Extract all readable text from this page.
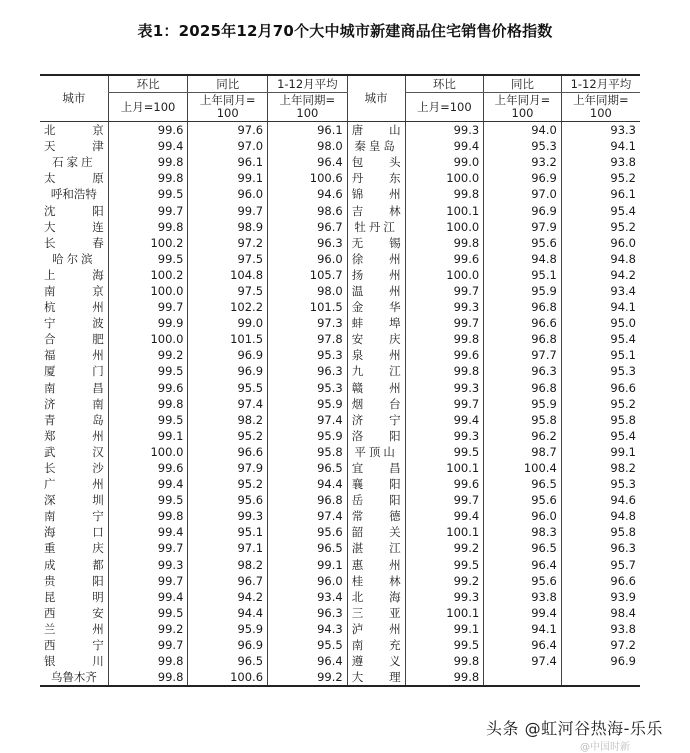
表1：2025年12月70个大中城市新建商品住宅销售价格指数
城市	环比	同比	1-12月平均	城市	环比	同比	1-12月平均
	上月=100	上年同月=100	上年同期=100		上月=100	上年同月=100	上年同期=100
北京	99.6	97.6	96.1	唐山	99.3	94.0	93.3
天津	99.4	97.0	98.0	秦皇岛	99.4	95.3	94.1
石家庄	99.8	96.1	96.4	包头	99.0	93.2	93.8
太原	99.8	99.1	100.6	丹东	100.0	96.9	95.2
呼和浩特	99.5	96.0	94.6	锦州	99.8	97.0	96.1
沈阳	99.7	99.7	98.6	吉林	100.1	96.9	95.4
大连	99.8	98.9	96.7	牡丹江	100.0	97.9	95.2
长春	100.2	97.2	96.3	无锡	99.8	95.6	96.0
哈尔滨	99.5	97.5	96.0	徐州	99.6	94.8	94.8
上海	100.2	104.8	105.7	扬州	100.0	95.1	94.2
南京	100.0	97.5	98.0	温州	99.7	95.9	93.4
杭州	99.7	102.2	101.5	金华	99.3	96.8	94.1
宁波	99.9	99.0	97.3	蚌埠	99.7	96.6	95.0
合肥	100.0	101.5	97.8	安庆	99.8	96.8	95.4
福州	99.2	96.9	95.3	泉州	99.6	97.7	95.1
厦门	99.5	96.9	96.3	九江	99.8	96.3	95.3
南昌	99.6	95.5	95.3	赣州	99.3	96.8	96.6
济南	99.8	97.4	95.9	烟台	99.7	95.9	95.2
青岛	99.5	98.2	97.4	济宁	99.4	95.8	95.8
郑州	99.1	95.2	95.9	洛阳	99.3	96.2	95.4
武汉	100.0	96.6	95.8	平顶山	99.5	98.7	99.1
长沙	99.6	97.9	96.5	宜昌	100.1	100.4	98.2
广州	99.4	95.2	94.4	襄阳	99.6	96.5	95.3
深圳	99.5	95.6	96.8	岳阳	99.7	95.6	94.6
南宁	99.8	99.3	97.4	常德	99.4	96.0	94.8
海口	99.4	95.1	95.6	韶关	100.1	98.3	95.8
重庆	99.7	97.1	96.5	湛江	99.2	96.5	96.3
成都	99.3	98.2	99.1	惠州	99.5	96.4	95.7
贵阳	99.7	96.7	96.0	桂林	99.2	95.6	96.6
昆明	99.4	94.2	93.4	北海	99.3	93.8	93.9
西安	99.5	94.4	96.3	三亚	100.1	99.4	98.4
兰州	99.2	95.9	94.3	泸州	99.1	94.1	93.8
西宁	99.7	96.9	95.5	南充	99.5	96.4	97.2
银川	99.8	96.5	96.4	遵义	99.8	97.4	96.9
乌鲁木齐	99.8	100.6	99.2	大理	99.8		
头条 @虹河谷热海-乐乐
@中国时新
